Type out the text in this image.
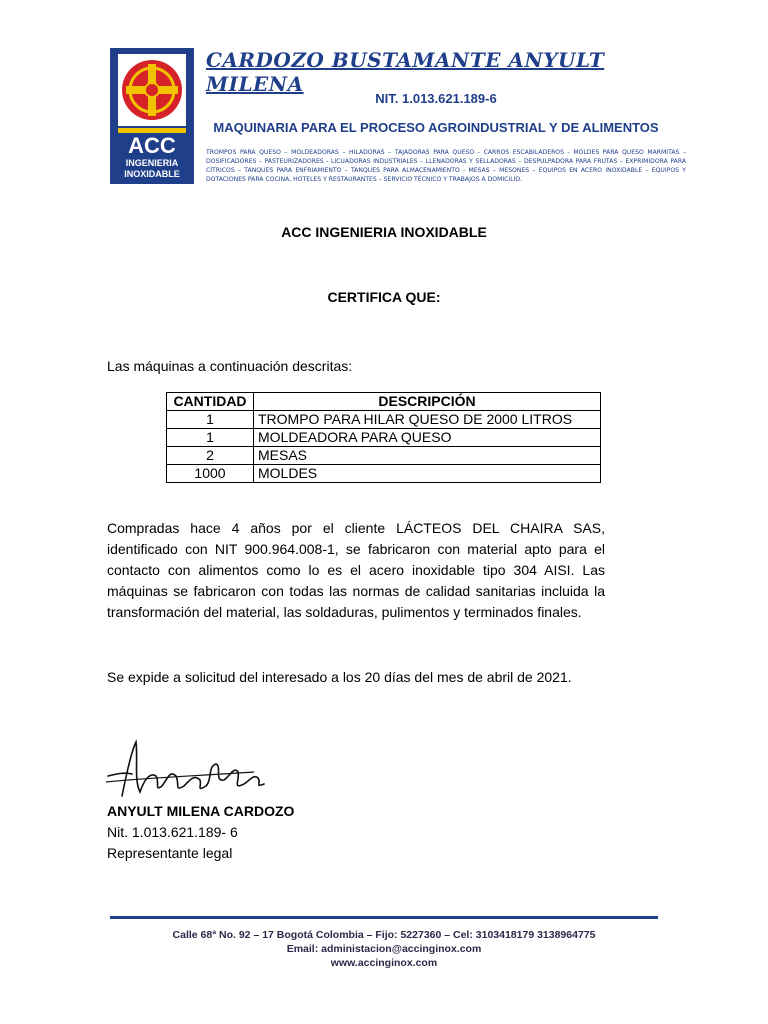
ACC
INGENIERIA
INOXIDABLE
CARDOZO BUSTAMANTE ANYULT MILENA
NIT. 1.013.621.189-6
MAQUINARIA PARA EL PROCESO AGROINDUSTRIAL Y DE ALIMENTOS
TROMPOS PARA QUESO – MOLDEADORAS – HILADORAS – TAJADORAS PARA QUESO - CARROS ESCABILADEROS - MOLDES PARA QUESO MARMITAS – DOSIFICADORES – PASTEURIZADORES - LICUADORAS INDUSTRIALES – LLENADORAS Y SELLADORAS – DESPULPADORA PARA FRUTAS – EXPRIMIDORA PARA CÍTRICOS – TANQUES PARA ENFRIAMIENTO – TANQUES PARA ALMACENAMIENTO - MESAS – MESONES – EQUIPOS EN ACERO INOXIDABLE – EQUIPOS Y DOTACIONES PARA COCINA, HOTELES Y RESTAURANTES – SERVICIO TÉCNICO Y TRABAJOS A DOMICILIO.
ACC INGENIERIA INOXIDABLE
CERTIFICA QUE:
Las máquinas a continuación descritas:
CANTIDAD	DESCRIPCIÓN
1	TROMPO PARA HILAR QUESO DE 2000 LITROS
1	MOLDEADORA PARA QUESO
2	MESAS
1000	MOLDES
Compradas hace 4 años por el cliente LÁCTEOS DEL CHAIRA SAS, identificado con NIT 900.964.008-1, se fabricaron con material apto para el contacto con alimentos como lo es el acero inoxidable tipo 304 AISI. Las máquinas se fabricaron con todas las normas de calidad sanitarias incluida la transformación del material, las soldaduras, pulimentos y terminados finales.
Se expide a solicitud del interesado a los 20 días del mes de abril de 2021.
ANYULT MILENA CARDOZO
Nit. 1.013.621.189- 6
Representante legal
Calle 68ª No. 92 – 17 Bogotá Colombia – Fijo: 5227360 – Cel: 3103418179 3138964775
Email: administacion@accinginox.com
www.accinginox.com
